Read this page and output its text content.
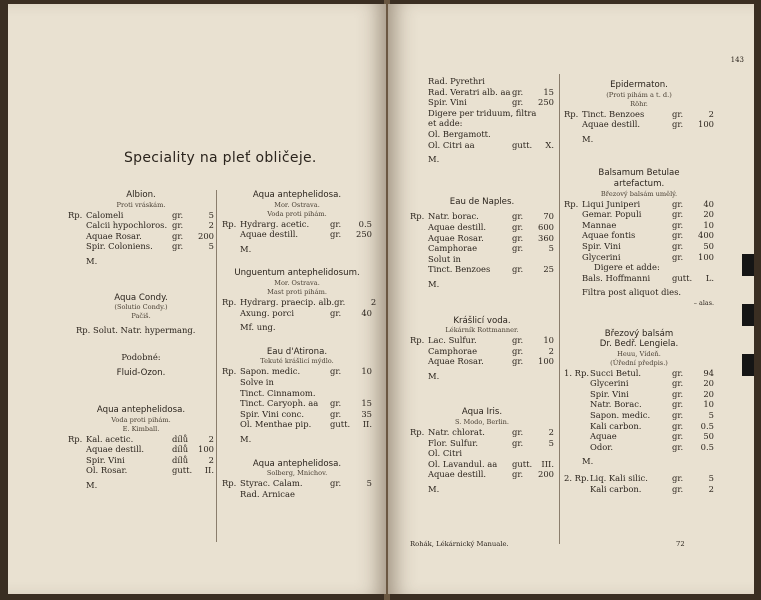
Speciality na pleť obličeje.
Albion.
Proti vráskám.
Rp. Calomeli	gr.	5
Calcii hypochloros. gr.	2
Aquae Rosar.	gr.	200
Spir. Coloniens.	gr.	5
M.
Aqua Condy.
(Solutio Condy.)
Pačiš.
Rp. Solut. Natr. hypermang.
Podobné:
Fluid-Ozon.
Aqua antephelidosa.
Voda proti pihám.
E. Kimball.
Rp. Kal. acetic.	dílů	2
Aquae destill.	dílů	100
Spir. Vini	dílů	2
Ol. Rosar.	gutt.	II.
M.
Aqua antephelidosa.
Mor. Ostrava.
Voda proti pihám.
Rp. Hydrarg. acetic.	gr.	0.5
Aquae destill.	gr.	250
M.
Unguentum antephelidosum.
Mor. Ostrava.
Mast proti pihám.
Rp. Hydrarg. praecip. alb. gr.	2
Axung. porci	gr.	40
Mf. ung.
Eau d'Atirona.
Tekuté krášlicí mýdlo.
Rp. Sapon. medic.	gr.	10
Solve in
Tinct. Cinnamom.
Tinct. Caryoph. aa	gr.	15
Spir. Vini conc.	gr.	35
Ol. Menthae pip.	gutt.	II.
M.
Aqua antephelidosa.
Solberg, Mnichov.
Rp. Styrac. Calam.	gr.	5
Rad. Arnicae
143
Rad. Pyrethri
Rad. Veratri alb. aa gr.	15
Spir. Vini	gr.	250
Digere per triduum, filtra
et adde:
Ol. Bergamott.
Ol. Citri aa	gutt.	X.
M.
Eau de Naples.
Rp. Natr. borac.	gr.	70
Aquae destill.	gr.	600
Aquae Rosar.	gr.	360
Camphorae	gr.	5
Solut in
Tinct. Benzoes	gr.	25
M.
Krášlicí voda.
Lékárník Rottmanner.
Rp. Lac. Sulfur.	gr.	10
Camphorae	gr.	2
Aquae Rosar.	gr.	100
M.
Aqua Iris.
S. Modo, Berlin.
Rp. Natr. chlorat.	gr.	2
Flor. Sulfur.	gr.	5
Ol. Citri
Ol. Lavandul. aa	gutt.	III.
Aquae destill.	gr.	200
M.
Epidermaton.
(Proti pihám a t. d.)
Röhr.
Rp. Tinct. Benzoes	gr.	2
Aquae destill.	gr.	100
M.
Balsamum Betulae
artefactum.
Březový balsám umělý.
Rp. Liqui Juniperi	gr.	40
Gemar. Populi	gr.	20
Mannae	gr.	10
Aquae fontis	gr.	400
Spir. Vini	gr.	50
Glycerini	gr.	100
Digere et adde:
Bals. Hoffmanni	gutt.	L.
Filtra post aliquot dies.
– alas.
Březový balsám
Dr. Bedř. Lengiela.
Heuu, Vídeň.
(Úřední předpis.)
1. Rp. Succi Betul.	gr.	94
Glycerini	gr.	20
Spir. Vini	gr.	20
Natr. Borac.	gr.	10
Sapon. medic.	gr.	5
Kali carbon.	gr.	0.5
Aquae	gr.	50
Odor.	gr.	0.5
M.
2. Rp. Liq. Kali silic.	gr.	5
Kali carbon.	gr.	2
Rohák, Lékárnický Manuale.	72
